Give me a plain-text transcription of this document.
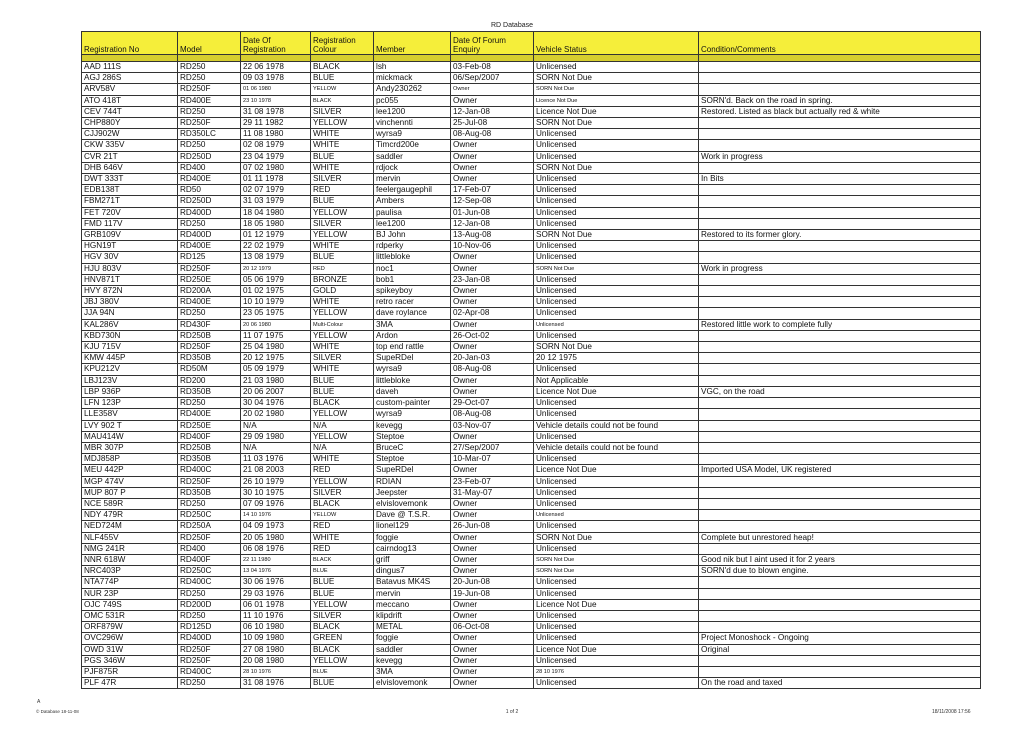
RD Database
Registration No	Model	Date Of Registration	Registration Colour	Member	Date Of Forum Enquiry	Vehicle Status	Condition/Comments

AAD 111S	RD250	22 06 1978	BLACK	lsh	03-Feb-08	Unlicensed	
AGJ 286S	RD250	09 03 1978	BLUE	mickmack	06/Sep/2007	SORN Not Due	
ARV58V	RD250F	01 06 1980	YELLOW	Andy230262	Owner	SORN Not Due	
ATO 418T	RD400E	23 10 1978	BLACK	pc055	Owner	Licence Not Due	SORN'd. Back on the road in spring.
CEV 744T	RD250	31 08 1978	SILVER	lee1200	12-Jan-08	Licence Not Due	Restored. Listed as black but actually red & white
CHP880Y	RD250F	29 11 1982	YELLOW	vinchennti	25-Jul-08	SORN Not Due	
CJJ902W	RD350LC	11 08 1980	WHITE	wyrsa9	08-Aug-08	Unlicensed	
CKW 335V	RD250	02 08 1979	WHITE	Timcrd200e	Owner	Unlicensed	
CVR 21T	RD250D	23 04 1979	BLUE	saddler	Owner	Unlicensed	Work in progress
DHB 646V	RD400	07 02 1980	WHITE	rdjock	Owner	SORN Not Due	
DWT 333T	RD400E	01 11 1978	SILVER	mervin	Owner	Unlicensed	In Bits
EDB138T	RD50	02 07 1979	RED	feelergaugephil	17-Feb-07	Unlicensed	
FBM271T	RD250D	31 03 1979	BLUE	Ambers	12-Sep-08	Unlicensed	
FET 720V	RD400D	18 04 1980	YELLOW	paulisa	01-Jun-08	Unlicensed	
FMD 117V	RD250	18 05 1980	SILVER	lee1200	12-Jan-08	Unlicensed	
GRB109V	RD400D	01 12 1979	YELLOW	BJ John	13-Aug-08	SORN Not Due	Restored to its former glory.
HGN19T	RD400E	22 02 1979	WHITE	rdperky	10-Nov-06	Unlicensed	
HGV 30V	RD125	13 08 1979	BLUE	littlebloke	Owner	Unlicensed	
HJU 803V	RD250F	20 12 1979	RED	noc1	Owner	SORN Not Due	Work in progress
HNV871T	RD250E	05 06 1979	BRONZE	bob1	23-Jan-08	Unlicensed	
HVY 872N	RD200A	01 02 1975	GOLD	spikeyboy	Owner	Unlicensed	
JBJ 380V	RD400E	10 10 1979	WHITE	retro racer	Owner	Unlicensed	
JJA 94N	RD250	23 05 1975	YELLOW	dave roylance	02-Apr-08	Unlicensed	
KAL286V	RD430F	20 06 1980	Multi-Colour	3MA	Owner	Unlicensed	Restored little work to complete fully
KBD730N	RD250B	11 07 1975	YELLOW	Ardon	26-Oct-02	Unlicensed	
KJU 715V	RD250F	25 04 1980	WHITE	top end rattle	Owner	SORN Not Due	
KMW 445P	RD350B	20 12 1975	SILVER	SupeRDel	20-Jan-03	20 12 1975	
KPU212V	RD50M	05 09 1979	WHITE	wyrsa9	08-Aug-08	Unlicensed	
LBJ123V	RD200	21 03 1980	BLUE	littlebloke	Owner	Not Applicable	
LBP 936P	RD350B	20 06 2007	BLUE	daveh	Owner	Licence Not Due	VGC, on the road
LFN 123P	RD250	30 04 1976	BLACK	custom-painter	29-Oct-07	Unlicensed	
LLE358V	RD400E	20 02 1980	YELLOW	wyrsa9	08-Aug-08	Unlicensed	
LVY 902 T	RD250E	N/A	N/A	kevegg	03-Nov-07	Vehicle details could not be found	
MAU414W	RD400F	29 09 1980	YELLOW	Steptoe	Owner	Unlicensed	
MBR 307P	RD250B	N/A	N/A	BruceC	27/Sep/2007	Vehicle details could not be found	
MDJ858P	RD350B	11 03 1976	WHITE	Steptoe	10-Mar-07	Unlicensed	
MEU 442P	RD400C	21 08 2003	RED	SupeRDel	Owner	Licence Not Due	Imported USA Model, UK registered
MGP 474V	RD250F	26 10 1979	YELLOW	RDIAN	23-Feb-07	Unlicensed	
MUP 807 P	RD350B	30 10 1975	SILVER	Jeepster	31-May-07	Unlicensed	
NCE 589R	RD250	07 09 1976	BLACK	elvislovemonk	Owner	Unlicensed	
NDY 479R	RD250C	14 10 1976	YELLOW	Dave @ T.S.R.	Owner	Unlicensed	
NED724M	RD250A	04 09 1973	RED	lionel129	26-Jun-08	Unlicensed	
NLF455V	RD250F	20 05 1980	WHITE	foggie	Owner	SORN Not Due	Complete but unrestored heap!
NMG 241R	RD400	06 08 1976	RED	cairndog13	Owner	Unlicensed	
NNR 618W	RD400F	22 11 1980	BLACK	griff	Owner	SORN Not Due	Good nik but I aint used it for 2 years
NRC403P	RD250C	13 04 1976	BLUE	dingus7	Owner	SORN Not Due	SORN'd due to blown engine.
NTA774P	RD400C	30 06 1976	BLUE	Batavus MK4S	20-Jun-08	Unlicensed	
NUR 23P	RD250	29 03 1976	BLUE	mervin	19-Jun-08	Unlicensed	
OJC 749S	RD200D	06 01 1978	YELLOW	meccano	Owner	Licence Not Due	
OMC 531R	RD250	11 10 1976	SILVER	klipdrift	Owner	Unlicensed	
ORF879W	RD125D	06 10 1980	BLACK	METAL	06-Oct-08	Unlicensed	
OVC296W	RD400D	10 09 1980	GREEN	foggie	Owner	Unlicensed	Project Monoshock - Ongoing
OWD 31W	RD250F	27 08 1980	BLACK	saddler	Owner	Licence Not Due	Original
PGS 346W	RD250F	20 08 1980	YELLOW	kevegg	Owner	Unlicensed	
PJF875R	RD400C	28 10 1976	BLUE	3MA	Owner	28 10 1976	
PLF 47R	RD250	31 08 1976	BLUE	elvislovemonk	Owner	Unlicensed	On the road and taxed
A
© Database 18-11-08	1 of 2	18/11/2008 17:56
